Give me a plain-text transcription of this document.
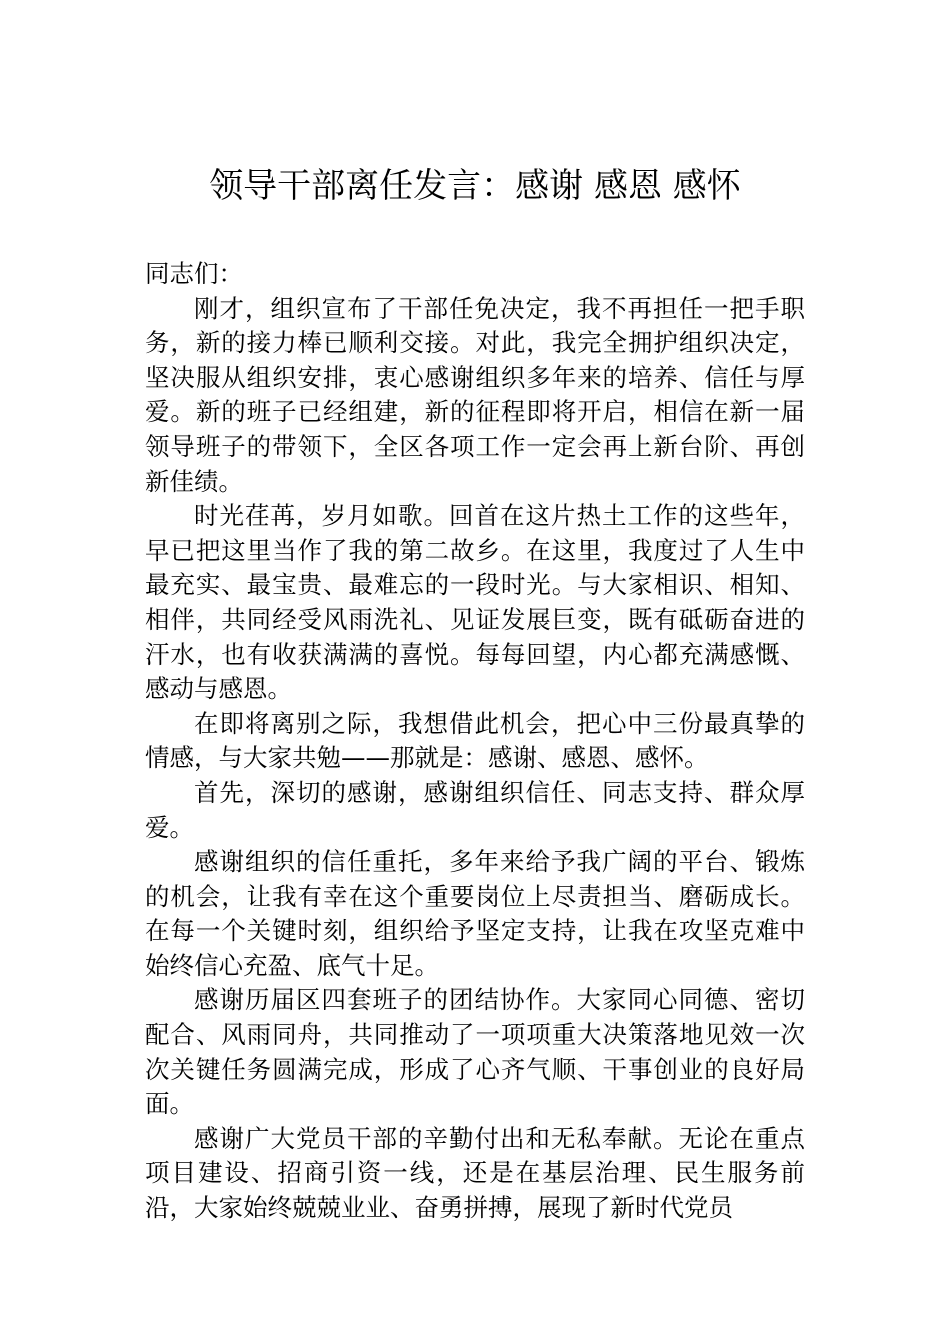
领导干部离任发言：感谢 感恩 感怀

同志们：

刚才，组织宣布了干部任免决定，我不再担任一把手职务，新的接力棒已顺利交接。对此，我完全拥护组织决定，坚决服从组织安排，衷心感谢组织多年来的培养、信任与厚爱。新的班子已经组建，新的征程即将开启，相信在新一届领导班子的带领下，全区各项工作一定会再上新台阶、再创新佳绩。

时光荏苒，岁月如歌。回首在这片热土工作的这些年，早已把这里当作了我的第二故乡。在这里，我度过了人生中最充实、最宝贵、最难忘的一段时光。与大家相识、相知、相伴，共同经受风雨洗礼、见证发展巨变，既有砥砺奋进的汗水，也有收获满满的喜悦。每每回望，内心都充满感慨、感动与感恩。

在即将离别之际，我想借此机会，把心中三份最真挚的情感，与大家共勉——那就是：感谢、感恩、感怀。

首先，深切的感谢，感谢组织信任、同志支持、群众厚爱。

感谢组织的信任重托，多年来给予我广阔的平台、锻炼的机会，让我有幸在这个重要岗位上尽责担当、磨砺成长。在每一个关键时刻，组织给予坚定支持，让我在攻坚克难中始终信心充盈、底气十足。

感谢历届区四套班子的团结协作。大家同心同德、密切配合、风雨同舟，共同推动了一项项重大决策落地见效一次次关键任务圆满完成，形成了心齐气顺、干事创业的良好局面。

感谢广大党员干部的辛勤付出和无私奉献。无论在重点项目建设、招商引资一线，还是在基层治理、民生服务前沿，大家始终兢兢业业、奋勇拼搏，展现了新时代党员
